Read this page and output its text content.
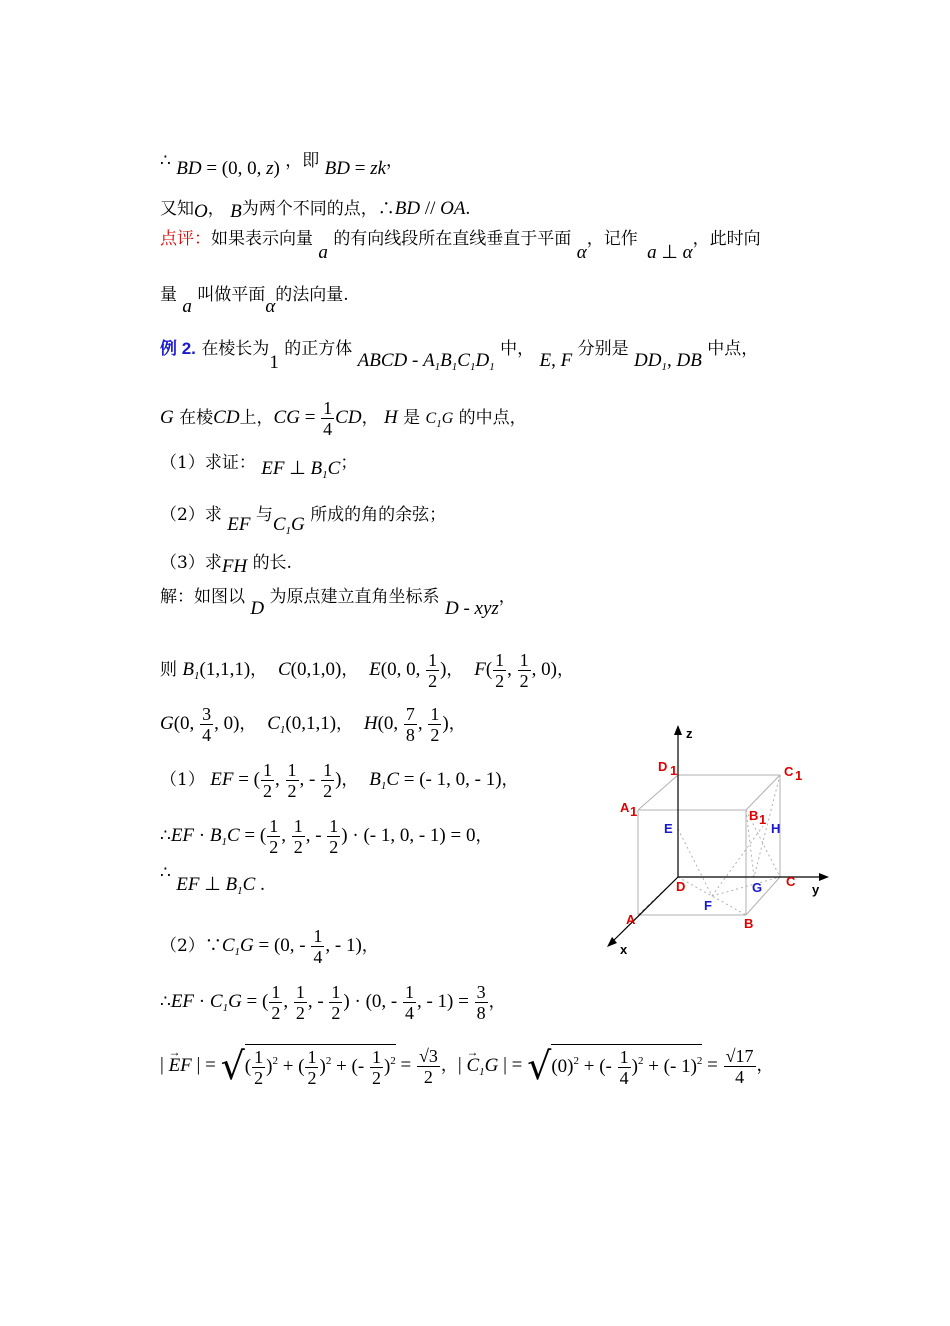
∴ BD = (0, 0, z) ，即 BD = zk，
又知O， B为两个不同的点，∴BD // OA.
点评：如果表示向量 a 的有向线段所在直线垂直于平面 α，记作 a ⊥ α，此时向
量 a 叫做平面α的法向量.
例 2. 在棱长为1 的正方体 ABCD - $A_1B_1C_1D_1$ 中， E, F 分别是 $DD_1$, DB 中点，
G 在棱CD上，CG = $\frac{1}{4}$ CD， H 是 $C_1G$ 的中点，
（1）求证： EF ⊥ $B_1C$；
（2）求 EF 与$C_1G$ 所成的角的余弦；
（3）求FH 的长.
解：如图以 D 为原点建立直角坐标系 D - xyz，
则 $B_1(1,1,1)$，  C(0,1,0)，  E(0, 0, $\frac{1}{2}$ )，  $F( \frac{1}{2}$ , $\frac{1}{2}$ , 0)，
G(0, $\frac{3}{4}$ , 0)，  $C_1(0,1,1)$，  H(0, $\frac{7}{8}$ , $\frac{1}{2}$ )，
（1） EF = ( $\frac{1}{2}$ , $\frac{1}{2}$ , - $\frac{1}{2}$ )，  $B_1C$ = (- 1, 0, - 1)，
∴EF · $B_1C$ = ( $\frac{1}{2}$ , $\frac{1}{2}$ , - $\frac{1}{2}$ ) · (- 1, 0, - 1) = 0，
∴ EF ⊥ $B_1C$ .
$(2)\because C_1G = (0$, - $\frac{1}{4}$ , - 1)，
∴EF · $C_1G$ = ( $\frac{1}{2}$ , $\frac{1}{2}$ , - $\frac{1}{2}$ ) · (0, - $\frac{1}{4}$ , - $1) = \frac{3}{8}$ ，
|
→
EF | = √( $\frac{1}{2} )^2$ + ( $\frac{1}{2} )^2$ + (- $\frac{1}{2} )^2 = \frac{√3}{2}$ ，|
→
$C_1G$ | = $√(0)^2$ + (- $\frac{1}{4} )^2$ + (- $1)^2 = \frac{√17}{4}$ ，
z
y
x
D 1	C 1
A 1	B 1
D	C
A	B
E	H
G
F
